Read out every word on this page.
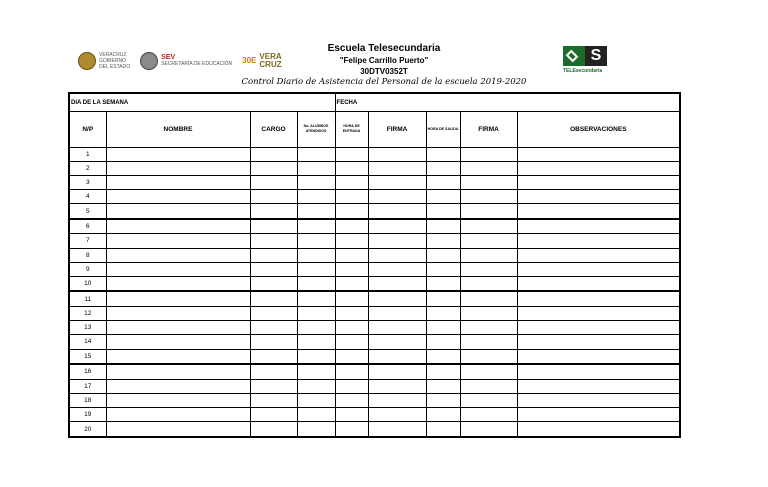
VERACRUZ
GOBIERNO
DEL ESTADO
SEV
SECRETARÍA DE EDUCACIÓN 30E VERA
CRUZ
Escuela Telesecundaria
"Felipe Carrillo Puerto"
30DTV0352T
Control Diario de Asistencia del Personal de la escuela 2019-2020
S
TELEsecundaria
DIA DE LA SEMANA				FECHA				
N/P	NOMBRE	CARGO	No. ALUMNOS ATENDIDOS	HORA DE ENTRADA	FIRMA	HORA DE SALIDA	FIRMA	OBSERVACIONES
1								
2								
3								
4								
5								
6								
7								
8								
9								
10								
11								
12								
13								
14								
15								
16								
17								
18								
19								
20								
